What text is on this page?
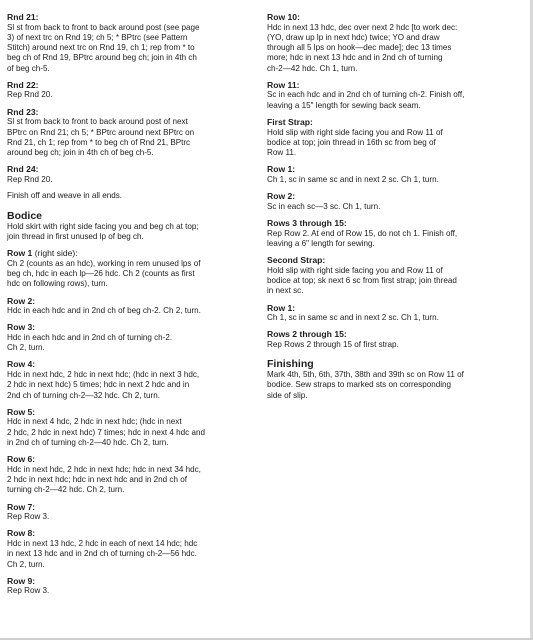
Rnd 21:
Sl st from back to front to back around post (see page
3) of next trc on Rnd 19; ch 5; * BPtrc (see Pattern
Stitch) around next trc on Rnd 19, ch 1; rep from * to
beg ch of Rnd 19, BPtrc around beg ch; join in 4th ch
of beg ch-5.
Rnd 22:
Rep Rnd 20.
Rnd 23:
Sl st from back to front to back around post of next
BPtrc on Rnd 21; ch 5; * BPtrc around next BPtrc on
Rnd 21, ch 1; rep from * to beg ch of Rnd 21, BPtrc
around beg ch; join in 4th ch of beg ch-5.
Rnd 24:
Rep Rnd 20.
Finish off and weave in all ends.
Bodice
Hold skirt with right side facing you and beg ch at top;
join thread in first unused lp of beg ch.
Row 1 (right side):
Ch 2 (counts as an hdc), working in rem unused lps of
beg ch, hdc in each lp—26 hdc. Ch 2 (counts as first
hdc on following rows), turn.
Row 2:
Hdc in each hdc and in 2nd ch of beg ch-2. Ch 2, turn.
Row 3:
Hdc in each hdc and in 2nd ch of turning ch-2.
Ch 2, turn.
Row 4:
Hdc in next hdc, 2 hdc in next hdc; (hdc in next 3 hdc,
2 hdc in next hdc) 5 times; hdc in next 2 hdc and in
2nd ch of turning ch-2—32 hdc. Ch 2, turn.
Row 5:
Hdc in next 4 hdc, 2 hdc in next hdc; (hdc in next
2 hdc, 2 hdc in next hdc) 7 times; hdc in next 4 hdc and
in 2nd ch of turning ch-2—40 hdc. Ch 2, turn.
Row 6:
Hdc in next hdc, 2 hdc in next hdc; hdc in next 34 hdc,
2 hdc in next hdc; hdc in next hdc and in 2nd ch of
turning ch-2—42 hdc. Ch 2, turn.
Row 7:
Rep Row 3.
Row 8:
Hdc in next 13 hdc, 2 hdc in each of next 14 hdc; hdc
in next 13 hdc and in 2nd ch of turning ch-2—56 hdc.
Ch 2, turn.
Row 9:
Rep Row 3.
Row 10:
Hdc in next 13 hdc, dec over next 2 hdc [to work dec:
(YO, draw up lp in next hdc) twice; YO and draw
through all 5 lps on hook—dec made]; dec 13 times
more; hdc in next 13 hdc and in 2nd ch of turning
ch-2—42 hdc. Ch 1, turn.
Row 11:
Sc in each hdc and in 2nd ch of turning ch-2. Finish off,
leaving a 15" length for sewing back seam.
First Strap:
Hold slip with right side facing you and Row 11 of
bodice at top; join thread in 16th sc from beg of
Row 11.
Row 1:
Ch 1, sc in same sc and in next 2 sc. Ch 1, turn.
Row 2:
Sc in each sc—3 sc. Ch 1, turn.
Rows 3 through 15:
Rep Row 2. At end of Row 15, do not ch 1. Finish off,
leaving a 6" length for sewing.
Second Strap:
Hold slip with right side facing you and Row 11 of
bodice at top; sk next 6 sc from first strap; join thread
in next sc.
Row 1:
Ch 1, sc in same sc and in next 2 sc. Ch 1, turn.
Rows 2 through 15:
Rep Rows 2 through 15 of first strap.
Finishing
Mark 4th, 5th, 6th, 37th, 38th and 39th sc on Row 11 of
bodice. Sew straps to marked sts on corresponding
side of slip.
